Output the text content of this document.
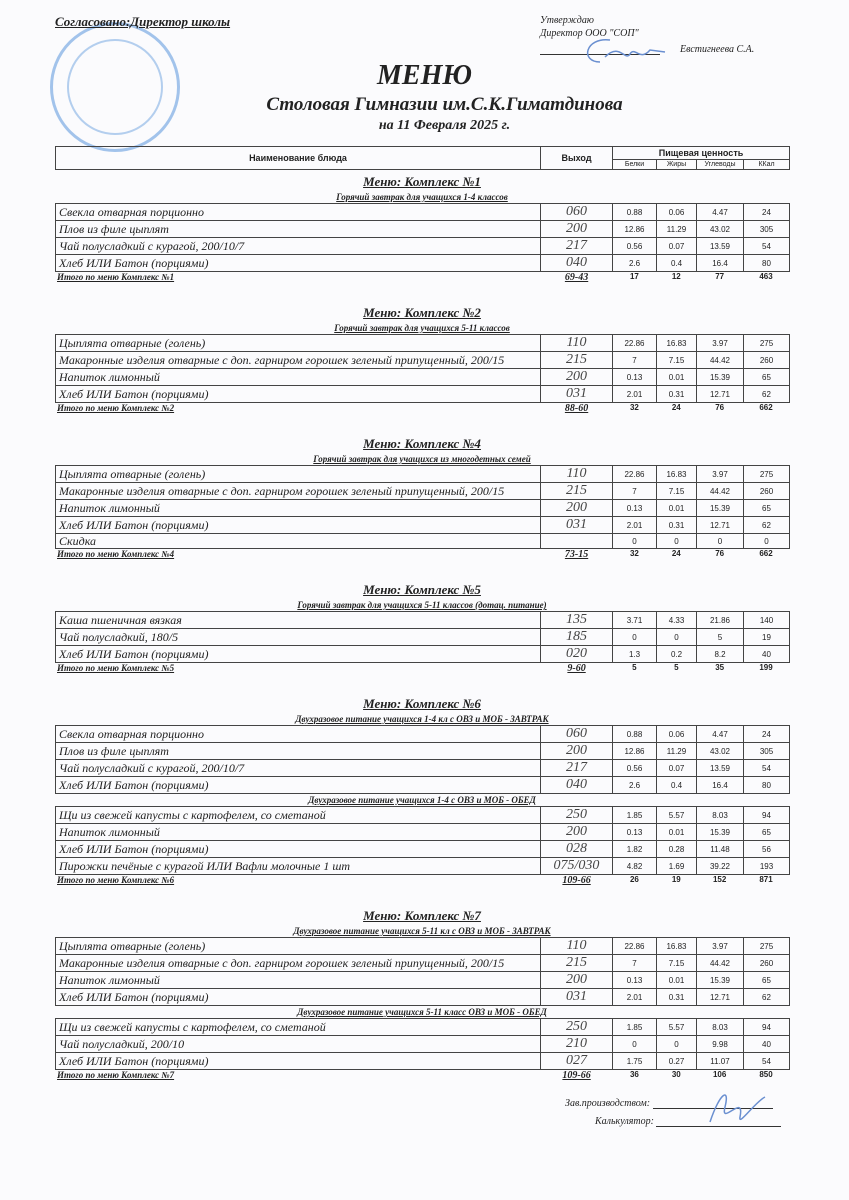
Согласовано:Директор школы	Утверждаю
Директор ООО "СОП"
Евстигнеева С.А.
МЕНЮ
Столовая Гимназии им.С.К.Гиматдинова
на 11 Февраля 2025 г.
Наименование блюда	Выход	Пищевая ценность			
		Белки	Жиры	Углеводы	ККал
Меню: Комплекс №1
Горячий завтрак для учащихся 1-4 классов
Свекла отварная порционно	060	0.88	0.06	4.47	24
Плов из филе цыплят	200	12.86	11.29	43.02	305
Чай полусладкий с курагой, 200/10/7	217	0.56	0.07	13.59	54
Хлеб ИЛИ Батон (порциями)	040	2.6	0.4	16.4	80
Итого по меню Комплекс №1	69-43	17	12	77	463
Меню: Комплекс №2
Горячий завтрак для учащихся 5-11 классов
Цыплята отварные (голень)	110	22.86	16.83	3.97	275
Макаронные изделия отварные с доп. гарниром горошек зеленый припущенный, 200/15	215	7	7.15	44.42	260
Напиток лимонный	200	0.13	0.01	15.39	65
Хлеб ИЛИ Батон (порциями)	031	2.01	0.31	12.71	62
Итого по меню Комплекс №2	88-60	32	24	76	662
Меню: Комплекс №4
Горячий завтрак для учащихся из многодетных семей
Цыплята отварные (голень)	110	22.86	16.83	3.97	275
Макаронные изделия отварные с доп. гарниром горошек зеленый припущенный, 200/15	215	7	7.15	44.42	260
Напиток лимонный	200	0.13	0.01	15.39	65
Хлеб ИЛИ Батон (порциями)	031	2.01	0.31	12.71	62
Скидка		0	0	0	0
Итого по меню Комплекс №4	73-15	32	24	76	662
Меню: Комплекс №5
Горячий завтрак для учащихся 5-11 классов (дотац. питание)
Каша пшеничная вязкая	135	3.71	4.33	21.86	140
Чай полусладкий, 180/5	185	0	0	5	19
Хлеб ИЛИ Батон (порциями)	020	1.3	0.2	8.2	40
Итого по меню Комплекс №5	9-60	5	5	35	199
Меню: Комплекс №6
Двухразовое питание учащихся 1-4 кл с ОВЗ и МОБ - ЗАВТРАК
Свекла отварная порционно	060	0.88	0.06	4.47	24
Плов из филе цыплят	200	12.86	11.29	43.02	305
Чай полусладкий с курагой, 200/10/7	217	0.56	0.07	13.59	54
Хлеб ИЛИ Батон (порциями)	040	2.6	0.4	16.4	80
Двухразовое питание учащихся 1-4 с ОВЗ и МОБ - ОБЕД
Щи из свежей капусты с картофелем, со сметаной	250	1.85	5.57	8.03	94
Напиток лимонный	200	0.13	0.01	15.39	65
Хлеб ИЛИ Батон (порциями)	028	1.82	0.28	11.48	56
Пирожки печёные с курагой ИЛИ Вафли молочные 1 шт	075/030	4.82	1.69	39.22	193
Итого по меню Комплекс №6	109-66	26	19	152	871
Меню: Комплекс №7
Двухразовое питание учащихся 5-11 кл с ОВЗ и МОБ - ЗАВТРАК
Цыплята отварные (голень)	110	22.86	16.83	3.97	275
Макаронные изделия отварные с доп. гарниром горошек зеленый припущенный, 200/15	215	7	7.15	44.42	260
Напиток лимонный	200	0.13	0.01	15.39	65
Хлеб ИЛИ Батон (порциями)	031	2.01	0.31	12.71	62
Двухразовое питание учащихся 5-11 класс ОВЗ и МОБ - ОБЕД
Щи из свежей капусты с картофелем, со сметаной	250	1.85	5.57	8.03	94
Чай полусладкий, 200/10	210	0	0	9.98	40
Хлеб ИЛИ Батон (порциями)	027	1.75	0.27	11.07	54
Итого по меню Комплекс №7	109-66	36	30	106	850
Зав.производством:
Калькулятор:
